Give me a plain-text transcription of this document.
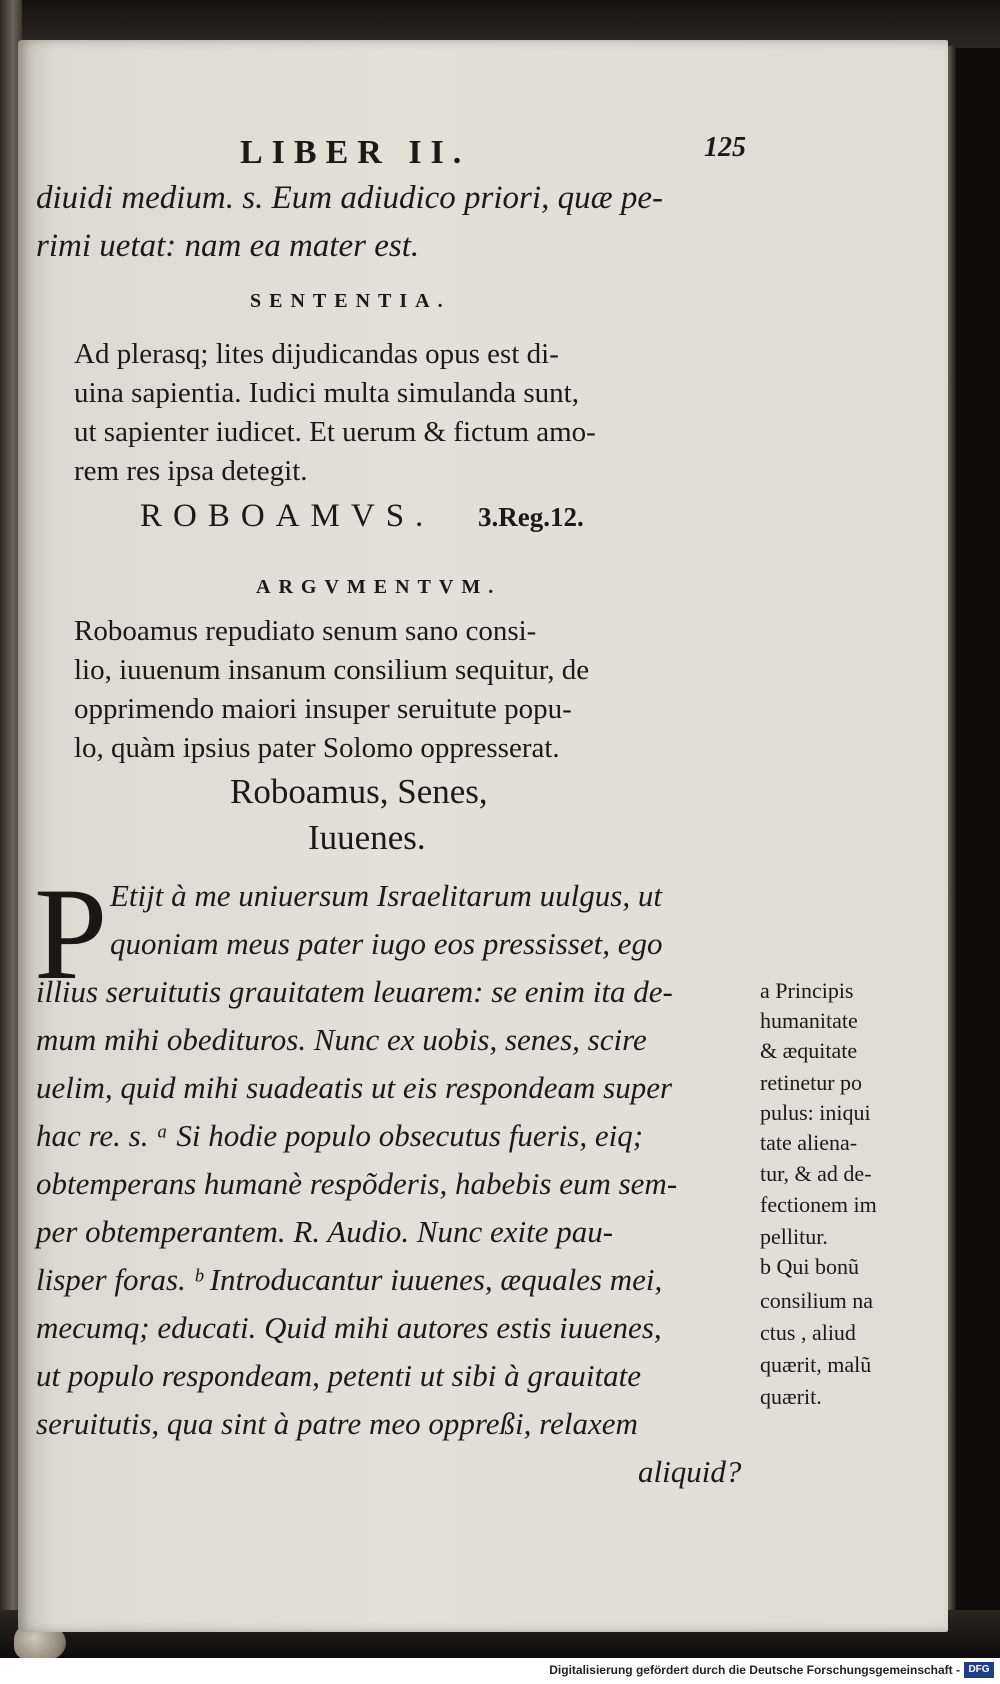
LIBER II.	125
diuidi medium. s. Eum adiudico priori, quæ pe-
rimi uetat: nam ea mater est.
SENTENTIA.
Ad plerasq; lites dijudicandas opus est di-
uina sapientia. Iudici multa simulanda sunt,
ut sapienter iudicet. Et uerum & fictum amo-
rem res ipsa detegit.
ROBOAMVS. 3.Reg.12.
ARGVMENTVM.
Roboamus repudiato senum sano consi-
lio, iuuenum insanum consilium sequitur, de
opprimendo maiori insuper seruitute popu-
lo, quàm ipsius pater Solomo oppresserat.
Roboamus, Senes,
Iuuenes.
P Etijt à me uniuersum Israelitarum uulgus, ut
quoniam meus pater iugo eos pressisset, ego
illius seruitutis grauitatem leuarem: se enim ita de-
mum mihi obedituros. Nunc ex uobis, senes, scire
uelim, quid mihi suadeatis ut eis respondeam super
hac re. s. ᵃ Si hodie populo obsecutus fueris, eiq;
obtemperans humanè respõderis, habebis eum sem-
per obtemperantem. R. Audio. Nunc exite pau-
lisper foras. ᵇ Introducantur iuuenes, æquales mei,
mecumq; educati. Quid mihi autores estis iuuenes,
ut populo respondeam, petenti ut sibi à grauitate
seruitutis, qua sint à patre meo oppreßi, relaxem
aliquid?
a Principis
humanitate
& æquitate
retinetur po
pulus: iniqui
tate aliena-
tur, & ad de-
fectionem im
pellitur.
b Qui bonũ
consilium na
ctus , aliud
quærit, malũ
quærit.
Digitalisierung gefördert durch die Deutsche Forschungsgemeinschaft - DFG
